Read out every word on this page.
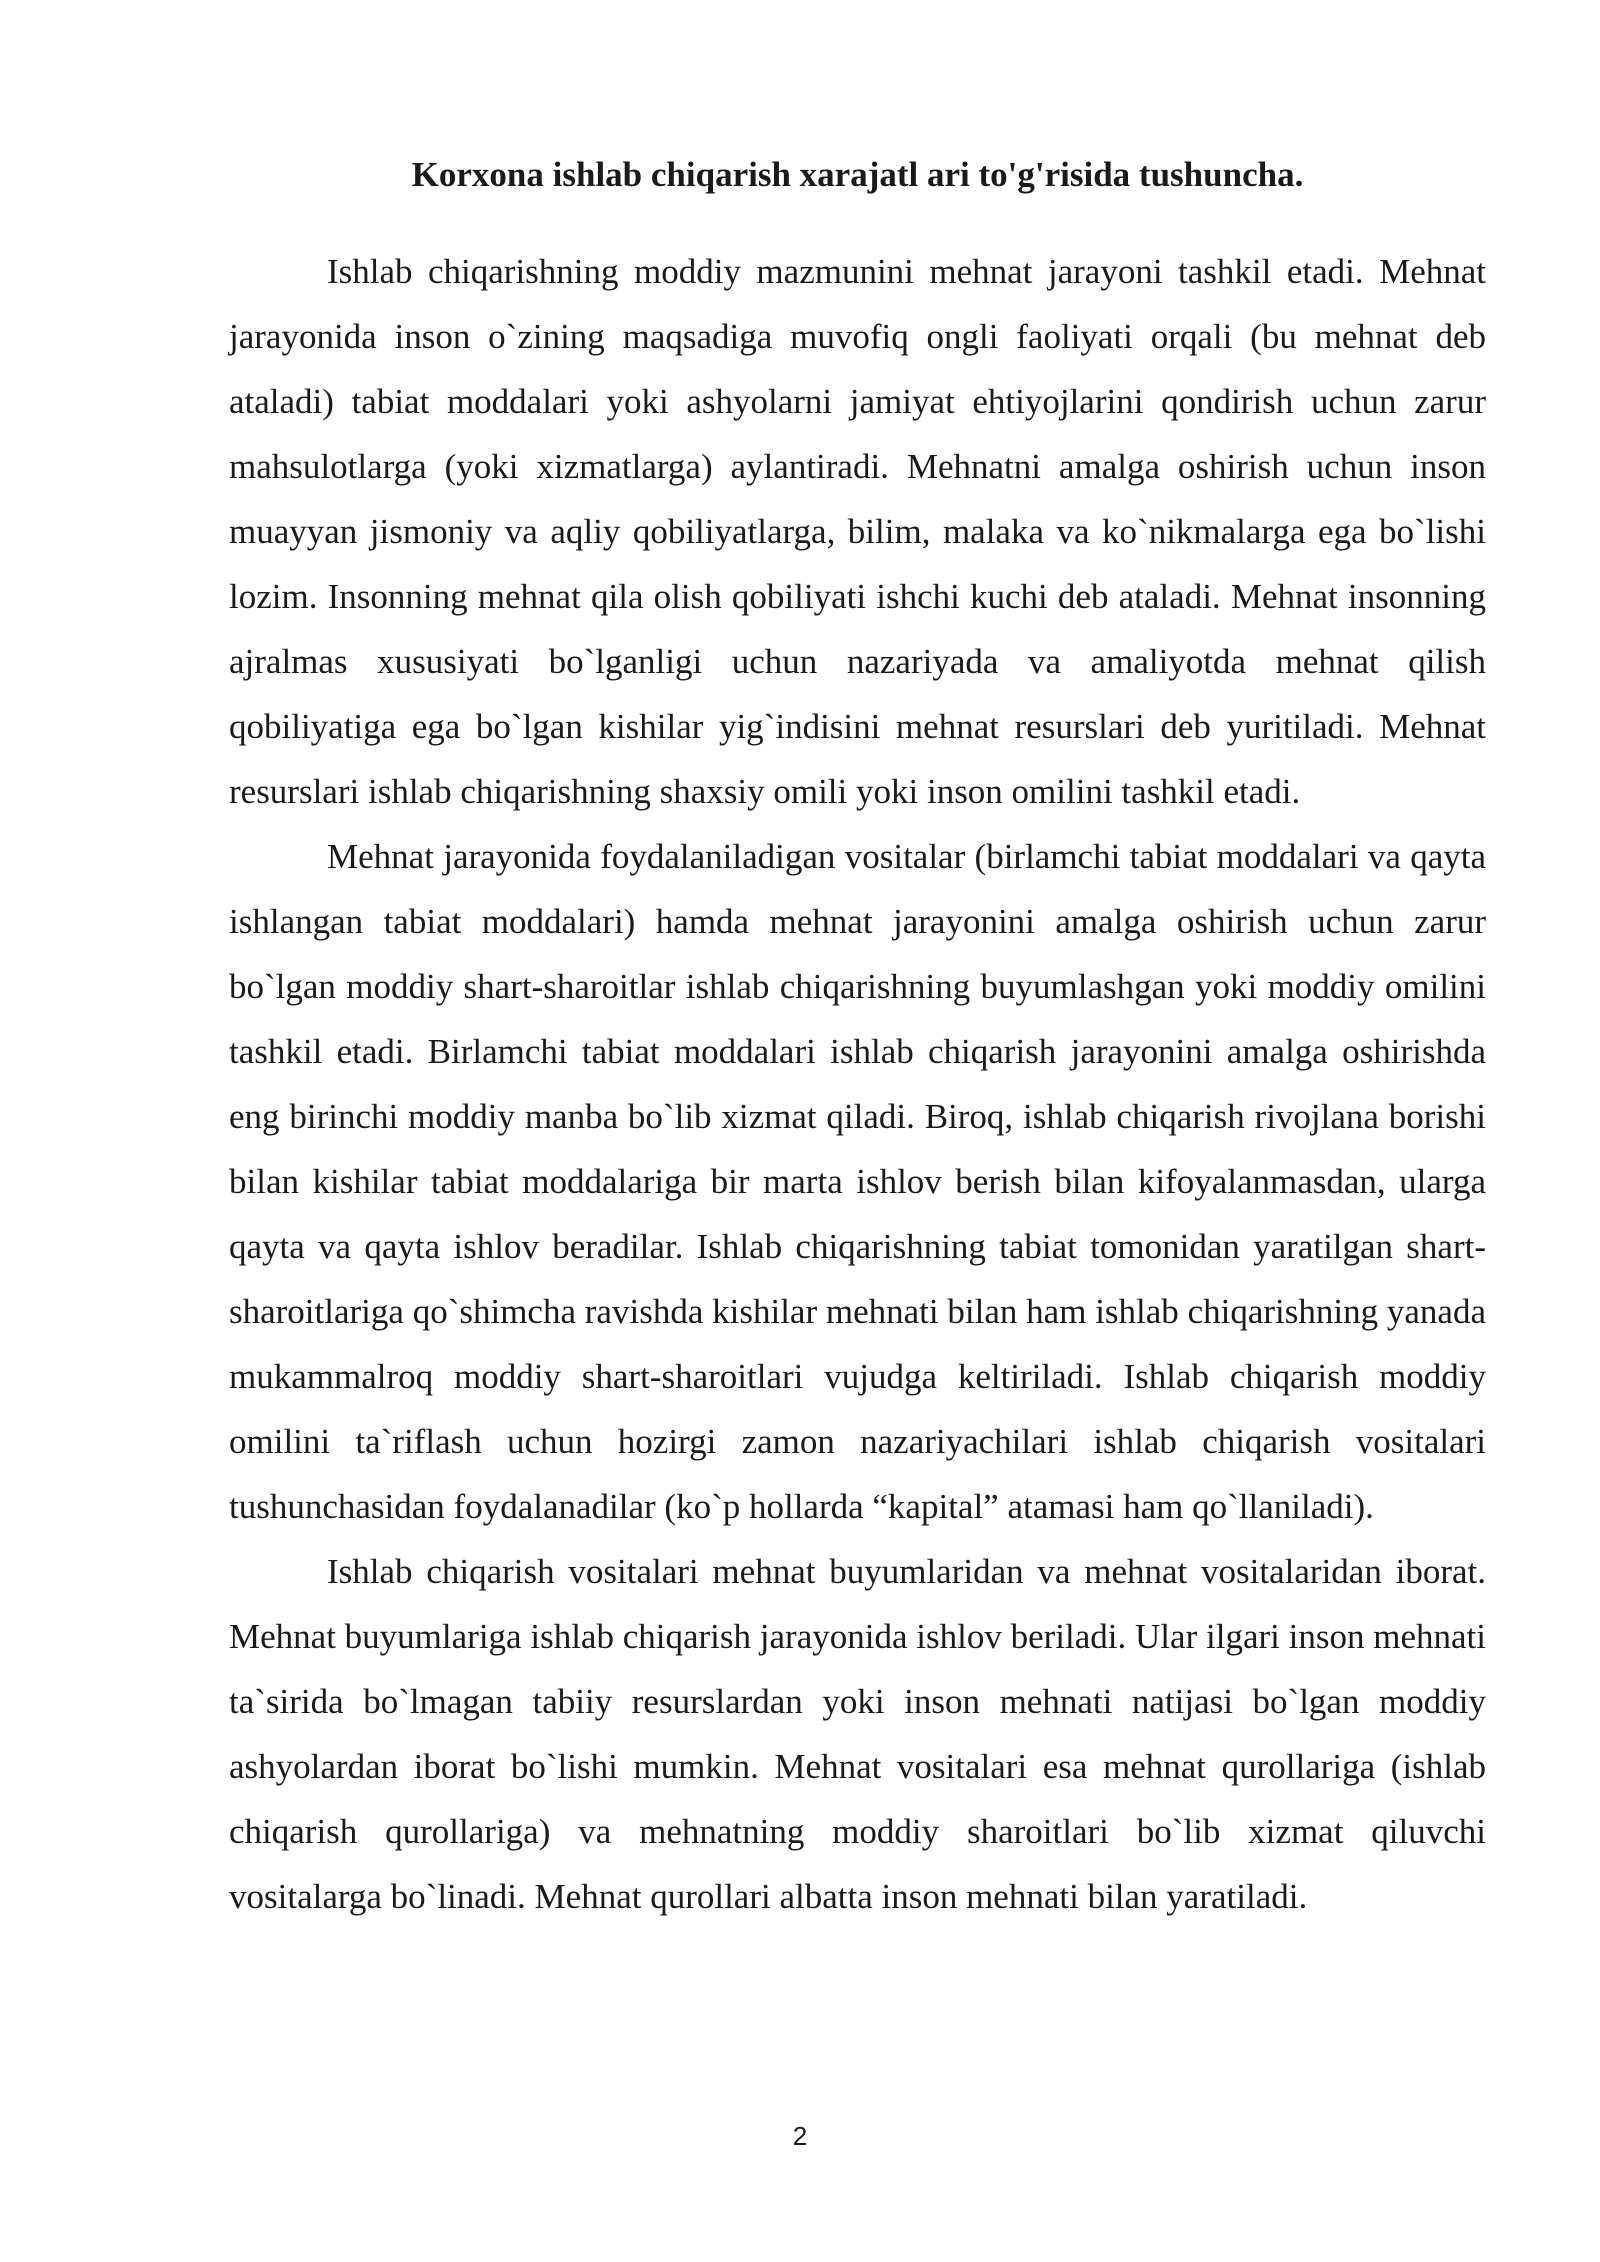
Korxona ishlab chiqarish xarajatl ari to'g'risida tushuncha.

Ishlab chiqarishning moddiy mazmunini mehnat jarayoni tashkil etadi. Mehnat jarayonida inson o`zining maqsadiga muvofiq ongli faoliyati orqali (bu mehnat deb ataladi) tabiat moddalari yoki ashyolarni jamiyat ehtiyojlarini qondirish uchun zarur mahsulotlarga (yoki xizmatlarga) aylantiradi. Mehnatni amalga oshirish uchun inson muayyan jismoniy va aqliy qobiliyatlarga, bilim, malaka va ko`nikmalarga ega bo`lishi lozim. Insonning mehnat qila olish qobiliyati ishchi kuchi deb ataladi. Mehnat insonning ajralmas xususiyati bo`lganligi uchun nazariyada va amaliyotda mehnat qilish qobiliyatiga ega bo`lgan kishilar yig`indisini mehnat resurslari deb yuritiladi. Mehnat resurslari ishlab chiqarishning shaxsiy omili yoki inson omilini tashkil etadi.

Mehnat jarayonida foydalaniladigan vositalar (birlamchi tabiat moddalari va qayta ishlangan tabiat moddalari) hamda mehnat jarayonini amalga oshirish uchun zarur bo`lgan moddiy shart-sharoitlar ishlab chiqarishning buyumlashgan yoki moddiy omilini tashkil etadi. Birlamchi tabiat moddalari ishlab chiqarish jarayonini amalga oshirishda eng birinchi moddiy manba bo`lib xizmat qiladi. Biroq, ishlab chiqarish rivojlana borishi bilan kishilar tabiat moddalariga bir marta ishlov berish bilan kifoyalanmasdan, ularga qayta va qayta ishlov beradilar. Ishlab chiqarishning tabiat tomonidan yaratilgan shart-sharoitlariga qo`shimcha ravishda kishilar mehnati bilan ham ishlab chiqarishning yanada mukammalroq moddiy shart-sharoitlari vujudga keltiriladi. Ishlab chiqarish moddiy omilini ta`riflash uchun hozirgi zamon nazariyachilari ishlab chiqarish vositalari tushunchasidan foydalanadilar (ko`p hollarda “kapital” atamasi ham qo`llaniladi).

Ishlab chiqarish vositalari mehnat buyumlaridan va mehnat vositalaridan iborat. Mehnat buyumlariga ishlab chiqarish jarayonida ishlov beriladi. Ular ilgari inson mehnati ta`sirida bo`lmagan tabiiy resurslardan yoki inson mehnati natijasi bo`lgan moddiy ashyolardan iborat bo`lishi mumkin. Mehnat vositalari esa mehnat qurollariga (ishlab chiqarish qurollariga) va mehnatning moddiy sharoitlari bo`lib xizmat qiluvchi vositalarga bo`linadi. Mehnat qurollari albatta inson mehnati bilan yaratiladi.

2
